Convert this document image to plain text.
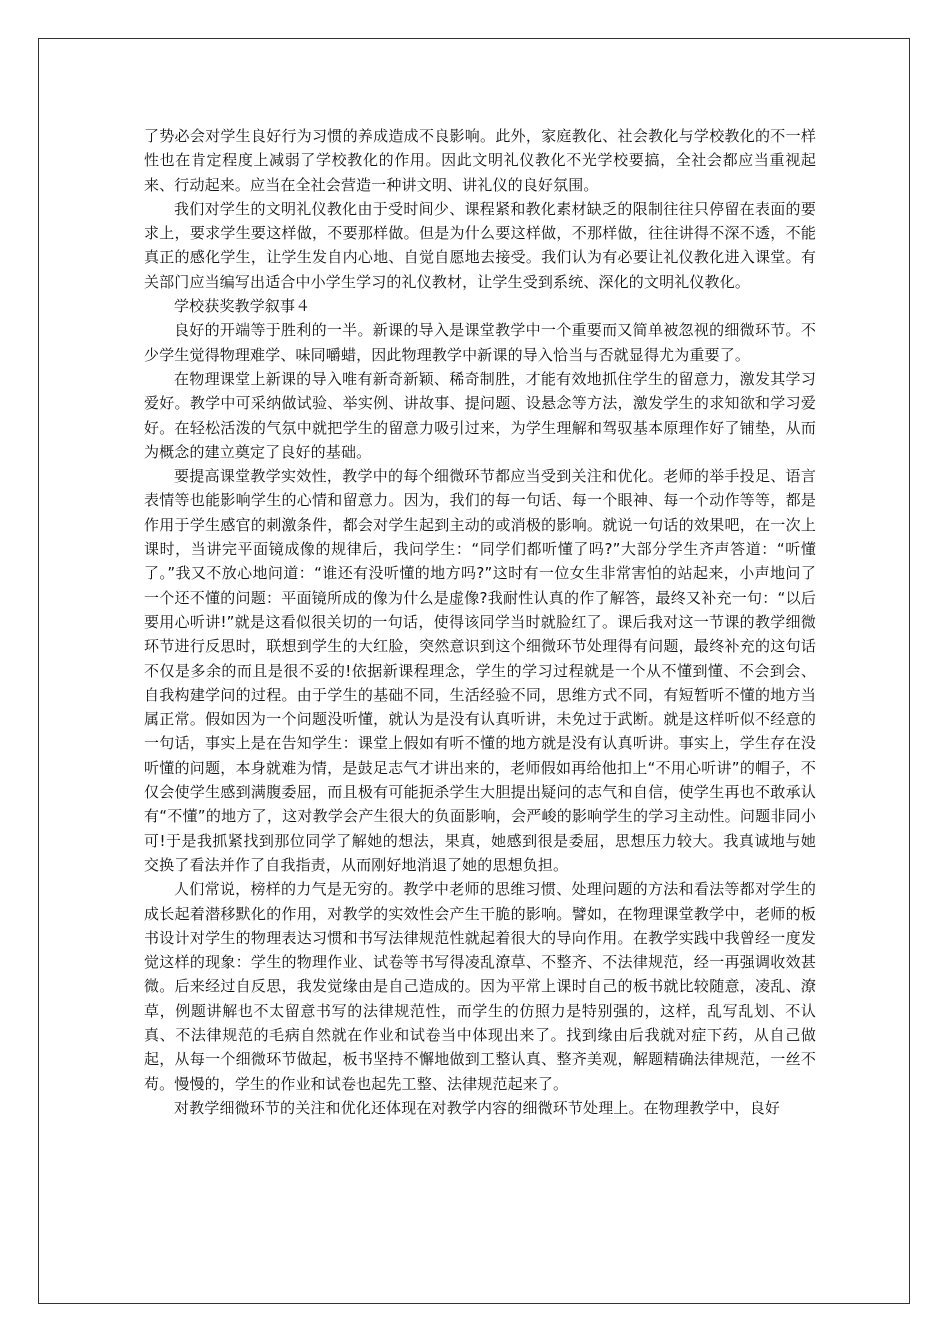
了势必会对学生良好行为习惯的养成造成不良影响。此外，家庭教化、社会教化与学校教化的不一样性也在肯定程度上减弱了学校教化的作用。因此文明礼仪教化不光学校要搞，全社会都应当重视起来、行动起来。应当在全社会营造一种讲文明、讲礼仪的良好氛围。

我们对学生的文明礼仪教化由于受时间少、课程紧和教化素材缺乏的限制往往只停留在表面的要求上，要求学生要这样做，不要那样做。但是为什么要这样做，不那样做，往往讲得不深不透，不能真正的感化学生，让学生发自内心地、自觉自愿地去接受。我们认为有必要让礼仪教化进入课堂。有关部门应当编写出适合中小学生学习的礼仪教材，让学生受到系统、深化的文明礼仪教化。

学校获奖教学叙事４

良好的开端等于胜利的一半。新课的导入是课堂教学中一个重要而又简单被忽视的细微环节。不少学生觉得物理难学、味同嚼蜡，因此物理教学中新课的导入恰当与否就显得尤为重要了。

在物理课堂上新课的导入唯有新奇新颖、稀奇制胜，才能有效地抓住学生的留意力，激发其学习爱好。教学中可采纳做试验、举实例、讲故事、提问题、设悬念等方法，激发学生的求知欲和学习爱好。在轻松活泼的气氛中就把学生的留意力吸引过来，为学生理解和驾驭基本原理作好了铺垫，从而为概念的建立奠定了良好的基础。

要提高课堂教学实效性，教学中的每个细微环节都应当受到关注和优化。老师的举手投足、语言表情等也能影响学生的心情和留意力。因为，我们的每一句话、每一个眼神、每一个动作等等，都是作用于学生感官的刺激条件，都会对学生起到主动的或消极的影响。就说一句话的效果吧，在一次上课时，当讲完平面镜成像的规律后，我问学生：“同学们都听懂了吗?”大部分学生齐声答道：“听懂了。”我又不放心地问道：“谁还有没听懂的地方吗?”这时有一位女生非常害怕的站起来，小声地问了一个还不懂的问题：平面镜所成的像为什么是虚像?我耐性认真的作了解答，最终又补充一句：“以后要用心听讲!”就是这看似很关切的一句话，使得该同学当时就脸红了。课后我对这一节课的教学细微环节进行反思时，联想到学生的大红脸，突然意识到这个细微环节处理得有问题，最终补充的这句话不仅是多余的而且是很不妥的!依据新课程理念，学生的学习过程就是一个从不懂到懂、不会到会、自我构建学问的过程。由于学生的基础不同，生活经验不同，思维方式不同，有短暂听不懂的地方当属正常。假如因为一个问题没听懂，就认为是没有认真听讲，未免过于武断。就是这样听似不经意的一句话，事实上是在告知学生：课堂上假如有听不懂的地方就是没有认真听讲。事实上，学生存在没听懂的问题，本身就难为情，是鼓足志气才讲出来的，老师假如再给他扣上“不用心听讲”的帽子，不仅会使学生感到满腹委屈，而且极有可能扼杀学生大胆提出疑问的志气和自信，使学生再也不敢承认有“不懂”的地方了，这对教学会产生很大的负面影响，会严峻的影响学生的学习主动性。问题非同小可!于是我抓紧找到那位同学了解她的想法，果真，她感到很是委屈，思想压力较大。我真诚地与她交换了看法并作了自我指责，从而刚好地消退了她的思想负担。

人们常说，榜样的力气是无穷的。教学中老师的思维习惯、处理问题的方法和看法等都对学生的成长起着潜移默化的作用，对教学的实效性会产生干脆的影响。譬如，在物理课堂教学中，老师的板书设计对学生的物理表达习惯和书写法律规范性就起着很大的导向作用。在教学实践中我曾经一度发觉这样的现象：学生的物理作业、试卷等书写得凌乱潦草、不整齐、不法律规范，经一再强调收效甚微。后来经过自反思，我发觉缘由是自己造成的。因为平常上课时自己的板书就比较随意，凌乱、潦草，例题讲解也不太留意书写的法律规范性，而学生的仿照力是特别强的，这样，乱写乱划、不认真、不法律规范的毛病自然就在作业和试卷当中体现出来了。找到缘由后我就对症下药，从自己做起，从每一个细微环节做起，板书坚持不懈地做到工整认真、整齐美观，解题精确法律规范，一丝不苟。慢慢的，学生的作业和试卷也起先工整、法律规范起来了。

对教学细微环节的关注和优化还体现在对教学内容的细微环节处理上。在物理教学中，良好
